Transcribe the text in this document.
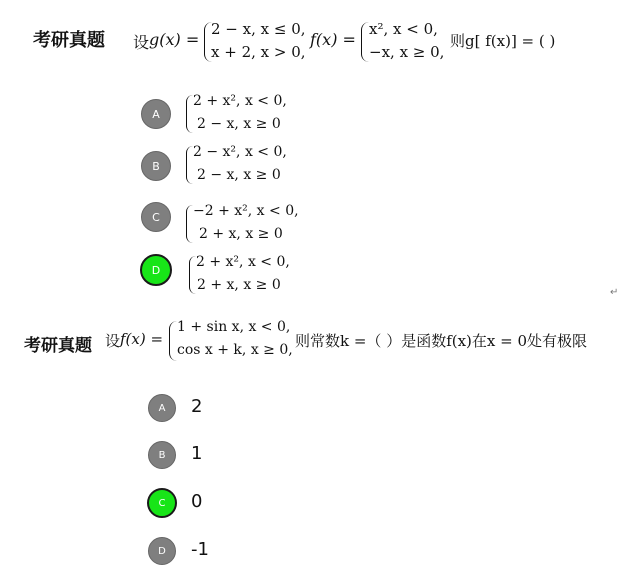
考研真题 设 g(x) =
2 − x, x ≤ 0,
x + 2, x > 0,
f(x) =
x², x < 0,
−x, x ≥ 0,
则g[ f(x)] = ( )
A
2 + x², x < 0,
2 − x, x ≥ 0
B
2 − x², x < 0,
2 − x, x ≥ 0
C	−2 + x², x < 0,
2 + x, x ≥ 0
D	2 + x², x < 0,
2 + x, x ≥ 0	↵
考研真题 设 f(x) =
1 + sin x, x < 0,
cos x + k, x ≥ 0, 则常数k =（ ）是函数f(x)在x = 0处有极限
A	2
B	1
C	0
D	-1
